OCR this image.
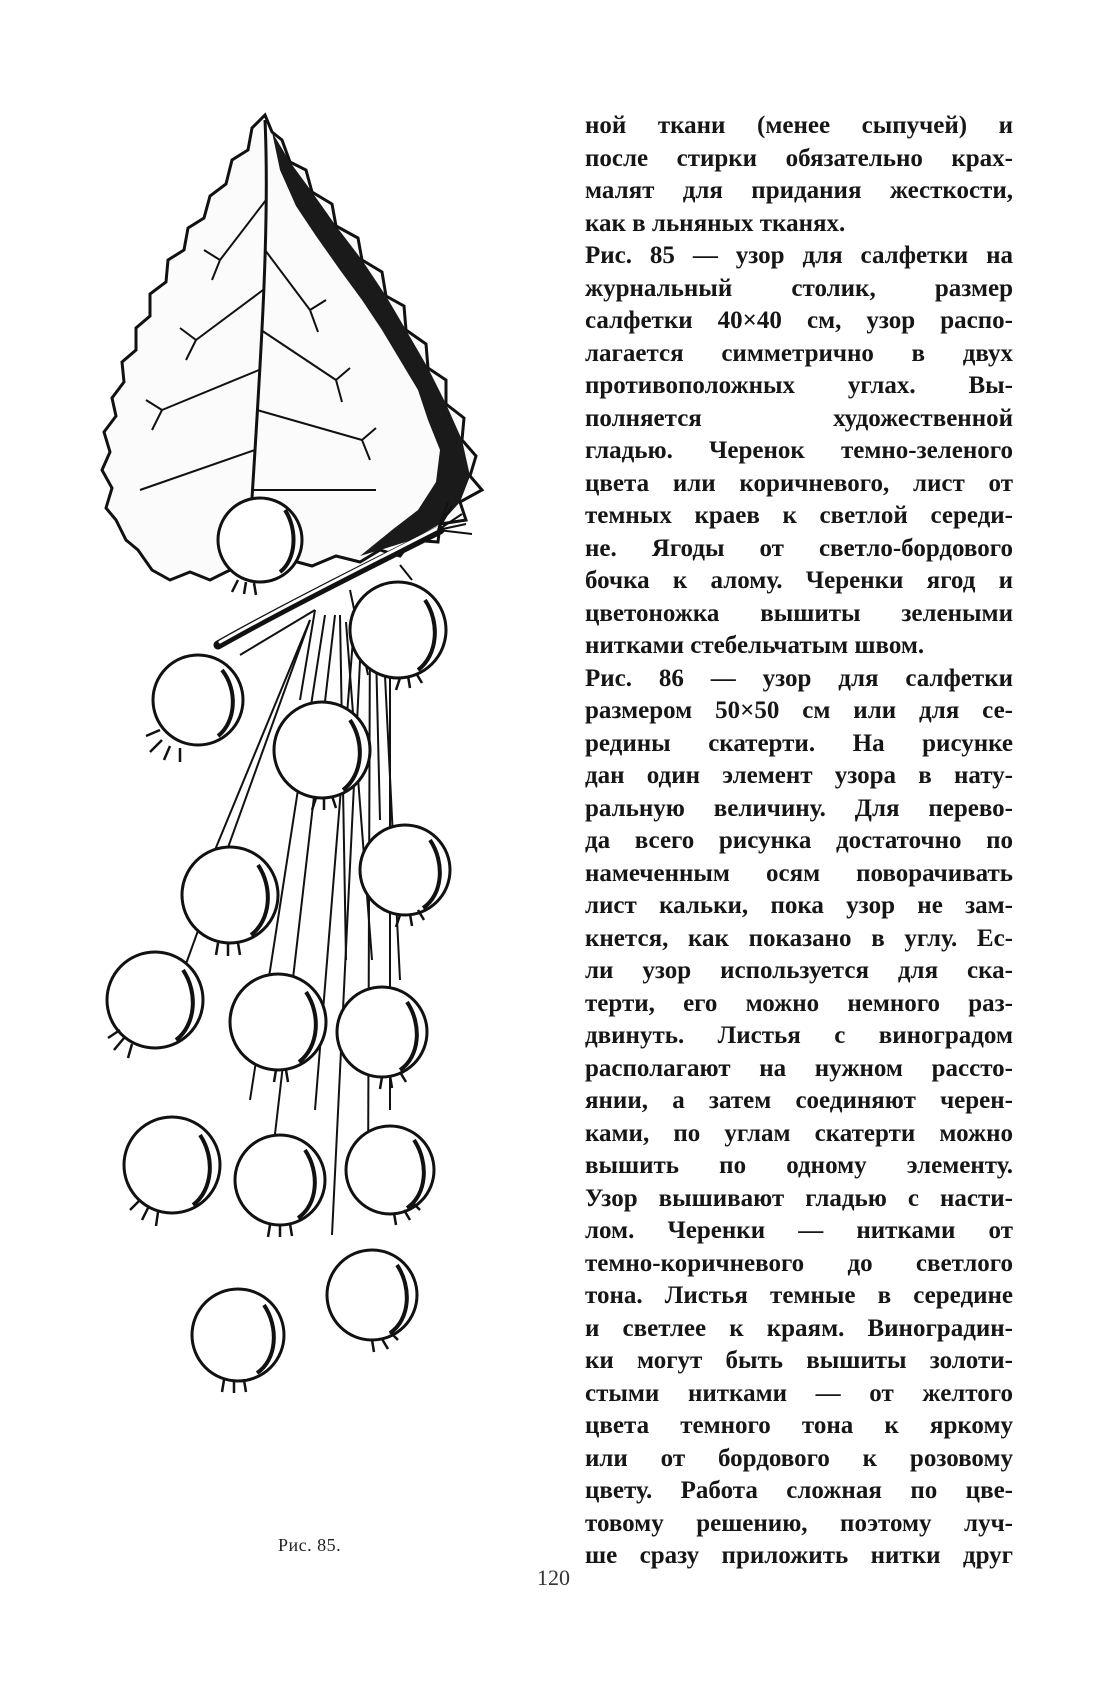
Рис. 85.
ной ткани (менее сыпучей) и
после стирки обязательно крах-
малят для придания жесткости,
как в льняных тканях.
Рис. 85 — узор для салфетки на
журнальный столик, размер
салфетки 40×40 см, узор распо-
лагается симметрично в двух
противоположных углах. Вы-
полняется художественной
гладью. Черенок темно-зеленого
цвета или коричневого, лист от
темных краев к светлой середи-
не. Ягоды от светло-бордового
бочка к алому. Черенки ягод и
цветоножка вышиты зелеными
нитками стебельчатым швом.
Рис. 86 — узор для салфетки
размером 50×50 см или для се-
редины скатерти. На рисунке
дан один элемент узора в нату-
ральную величину. Для перево-
да всего рисунка достаточно по
намеченным осям поворачивать
лист кальки, пока узор не зам-
кнется, как показано в углу. Ес-
ли узор используется для ска-
терти, его можно немного раз-
двинуть. Листья с виноградом
располагают на нужном рассто-
янии, а затем соединяют черен-
ками, по углам скатерти можно
вышить по одному элементу.
Узор вышивают гладью с насти-
лом. Черенки — нитками от
темно-коричневого до светлого
тона. Листья темные в середине
и светлее к краям. Виноградин-
ки могут быть вышиты золоти-
стыми нитками — от желтого
цвета темного тона к яркому
или от бордового к розовому
цвету. Работа сложная по цве-
товому решению, поэтому луч-
ше сразу приложить нитки друг
120
